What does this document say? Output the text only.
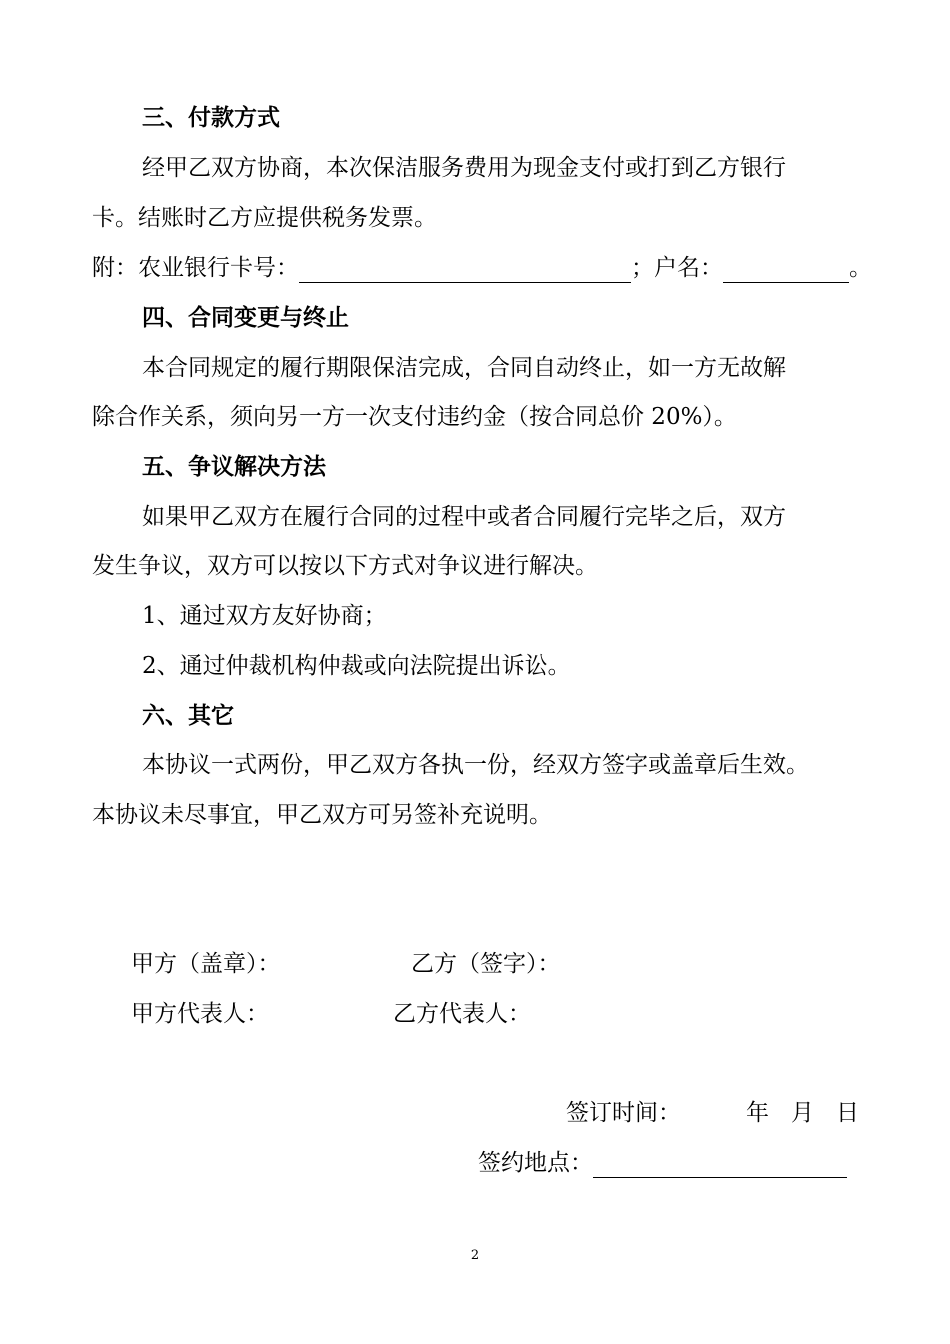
三、付款方式
经甲乙双方协商，本次保洁服务费用为现金支付或打到乙方银行
卡。结账时乙方应提供税务发票。
附：农业银行卡号：	；户名：	。
四、合同变更与终止
本合同规定的履行期限保洁完成，合同自动终止，如一方无故解
除合作关系，须向另一方一次支付违约金（按合同总价 20%）。
五、争议解决方法
如果甲乙双方在履行合同的过程中或者合同履行完毕之后，双方
发生争议，双方可以按以下方式对争议进行解决。
1、通过双方友好协商；
2、通过仲裁机构仲裁或向法院提出诉讼。
六、其它
本协议一式两份，甲乙双方各执一份，经双方签字或盖章后生效。
本协议未尽事宜，甲乙双方可另签补充说明。
甲方（盖章）：	乙方（签字）：
甲方代表人：	乙方代表人：
签订时间：	年 月 日
签约地点：
2
